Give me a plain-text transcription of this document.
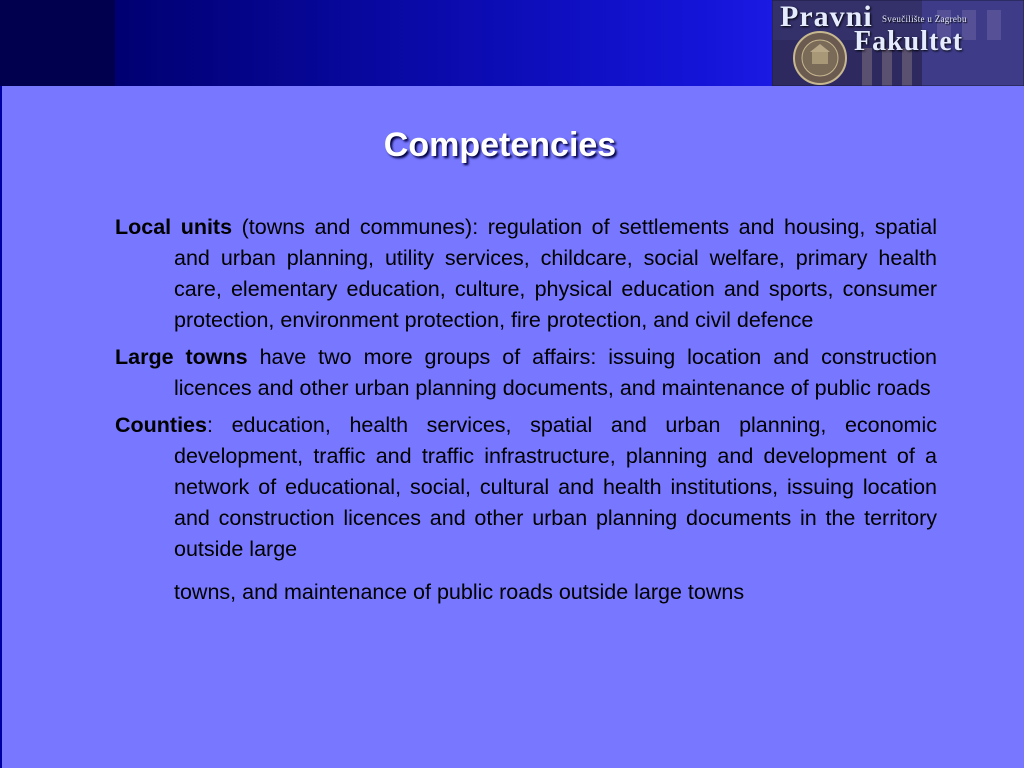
Pravni Sveučilište u Zagrebu
Fakultet
Competencies

Local units (towns and communes): regulation of settlements and housing, spatial and urban planning, utility services, childcare, social welfare, primary health care, elementary education, culture, physical education and sports, consumer protection, environment protection, fire protection, and civil defence

Large towns have two more groups of affairs: issuing location and construction licences and other urban planning documents, and maintenance of public roads

Counties: education, health services, spatial and urban planning, economic development, traffic and traffic infrastructure, planning and development of a network of educational, social, cultural and health institutions, issuing location and construction licences and other urban planning documents in the territory outside large

towns, and maintenance of public roads outside large towns
